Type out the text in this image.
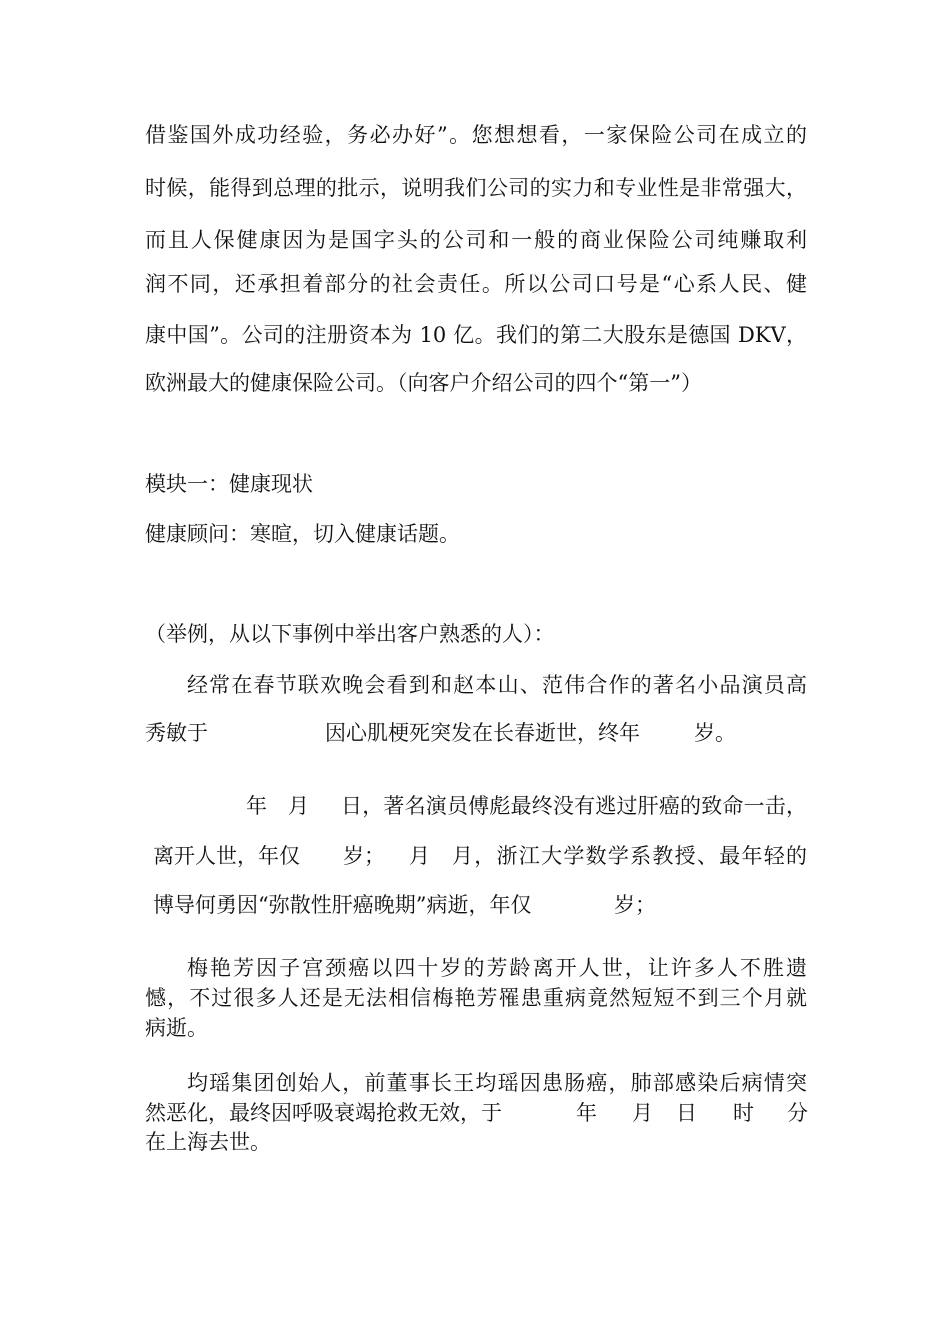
借鉴国外成功经验，务必办好”。您想想看，一家保险公司在成立的
时候，能得到总理的批示，说明我们公司的实力和专业性是非常强大，
而且人保健康因为是国字头的公司和一般的商业保险公司纯赚取利
润不同，还承担着部分的社会责任。所以公司口号是“心系人民、健
康中国”。公司的注册资本为 10 亿。我们的第二大股东是德国 DKV，
欧洲最大的健康保险公司。（向客户介绍公司的四个“第一”）
模块一：健康现状
健康顾问：寒暄，切入健康话题。
（举例，从以下事例中举出客户熟悉的人）：
经常在春节联欢晚会看到和赵本山、范伟合作的著名小品演员高
秀敏于	因心肌梗死突发在长春逝世，终年	岁。
年 月 日，著名演员傅彪最终没有逃过肝癌的致命一击，
离开人世，年仅 岁； 月 月，浙江大学数学系教授、最年轻的
博导何勇因“弥散性肝癌晚期”病逝，年仅	岁；
梅艳芳因子宫颈癌以四十岁的芳龄离开人世，让许多人不胜遗
憾，不过很多人还是无法相信梅艳芳罹患重病竟然短短不到三个月就
病逝。
均瑶集团创始人，前董事长王均瑶因患肠癌，肺部感染后病情突
然恶化，最终因呼吸衰竭抢救无效，于	年 月 日 时 分
在上海去世。
